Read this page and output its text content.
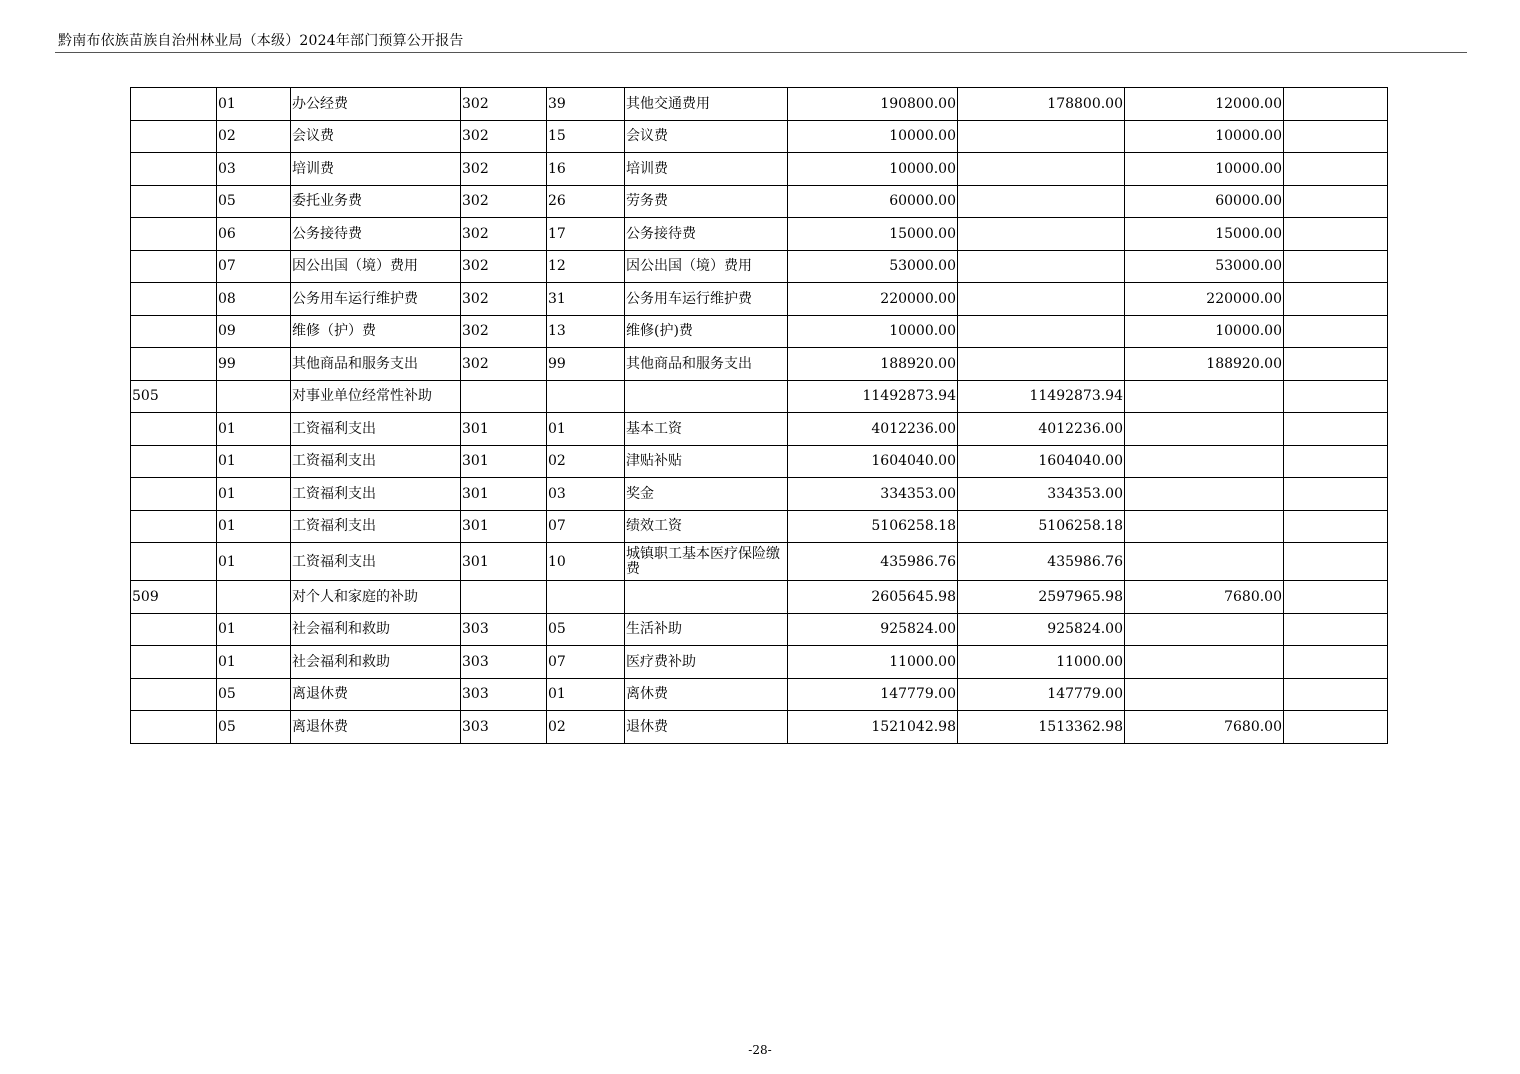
黔南布依族苗族自治州林业局（本级）2024年部门预算公开报告
	01	办公经费	302	39	其他交通费用	190800.00	178800.00	12000.00	
	02	会议费	302	15	会议费	10000.00		10000.00	
	03	培训费	302	16	培训费	10000.00		10000.00	
	05	委托业务费	302	26	劳务费	60000.00		60000.00	
	06	公务接待费	302	17	公务接待费	15000.00		15000.00	
	07	因公出国（境）费用	302	12	因公出国（境）费用	53000.00		53000.00	
	08	公务用车运行维护费	302	31	公务用车运行维护费	220000.00		220000.00	
	09	维修（护）费	302	13	维修(护)费	10000.00		10000.00	
	99	其他商品和服务支出	302	99	其他商品和服务支出	188920.00		188920.00	
505		对事业单位经常性补助				11492873.94	11492873.94		
	01	工资福利支出	301	01	基本工资	4012236.00	4012236.00		
	01	工资福利支出	301	02	津贴补贴	1604040.00	1604040.00		
	01	工资福利支出	301	03	奖金	334353.00	334353.00		
	01	工资福利支出	301	07	绩效工资	5106258.18	5106258.18		
	01	工资福利支出	301	10	城镇职工基本医疗保险缴费	435986.76	435986.76		
509		对个人和家庭的补助				2605645.98	2597965.98	7680.00	
	01	社会福利和救助	303	05	生活补助	925824.00	925824.00		
	01	社会福利和救助	303	07	医疗费补助	11000.00	11000.00		
	05	离退休费	303	01	离休费	147779.00	147779.00		
	05	离退休费	303	02	退休费	1521042.98	1513362.98	7680.00	
-28-
